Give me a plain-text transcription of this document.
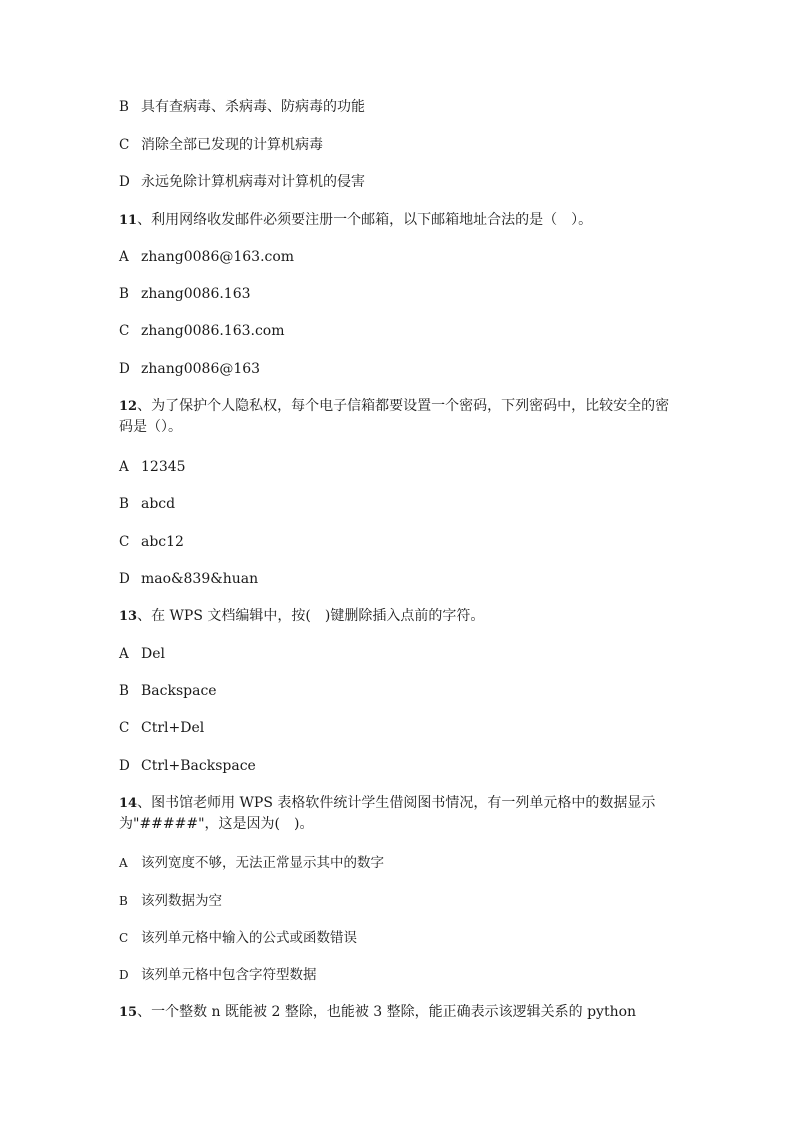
B 具有查病毒、杀病毒、防病毒的功能
C 消除全部已发现的计算机病毒
D 永远免除计算机病毒对计算机的侵害
11、利用网络收发邮件必须要注册一个邮箱，以下邮箱地址合法的是（　）。
A zhang0086@163.com
B zhang0086.163
C zhang0086.163.com
D zhang0086@163
12、为了保护个人隐私权，每个电子信箱都要设置一个密码，下列密码中，比较安全的密码是（）。
A 12345
B abcd
C abc12
D mao&839&huan
13、在 WPS 文档编辑中，按(　)键删除插入点前的字符。
A Del
B Backspace
C Ctrl+Del
D Ctrl+Backspace
14、图书馆老师用 WPS 表格软件统计学生借阅图书情况，有一列单元格中的数据显示为"#####"，这是因为(　)。
A 该列宽度不够，无法正常显示其中的数字
B 该列数据为空
C 该列单元格中输入的公式或函数错误
D 该列单元格中包含字符型数据
15、一个整数 n 既能被 2 整除，也能被 3 整除，能正确表示该逻辑关系的 python
